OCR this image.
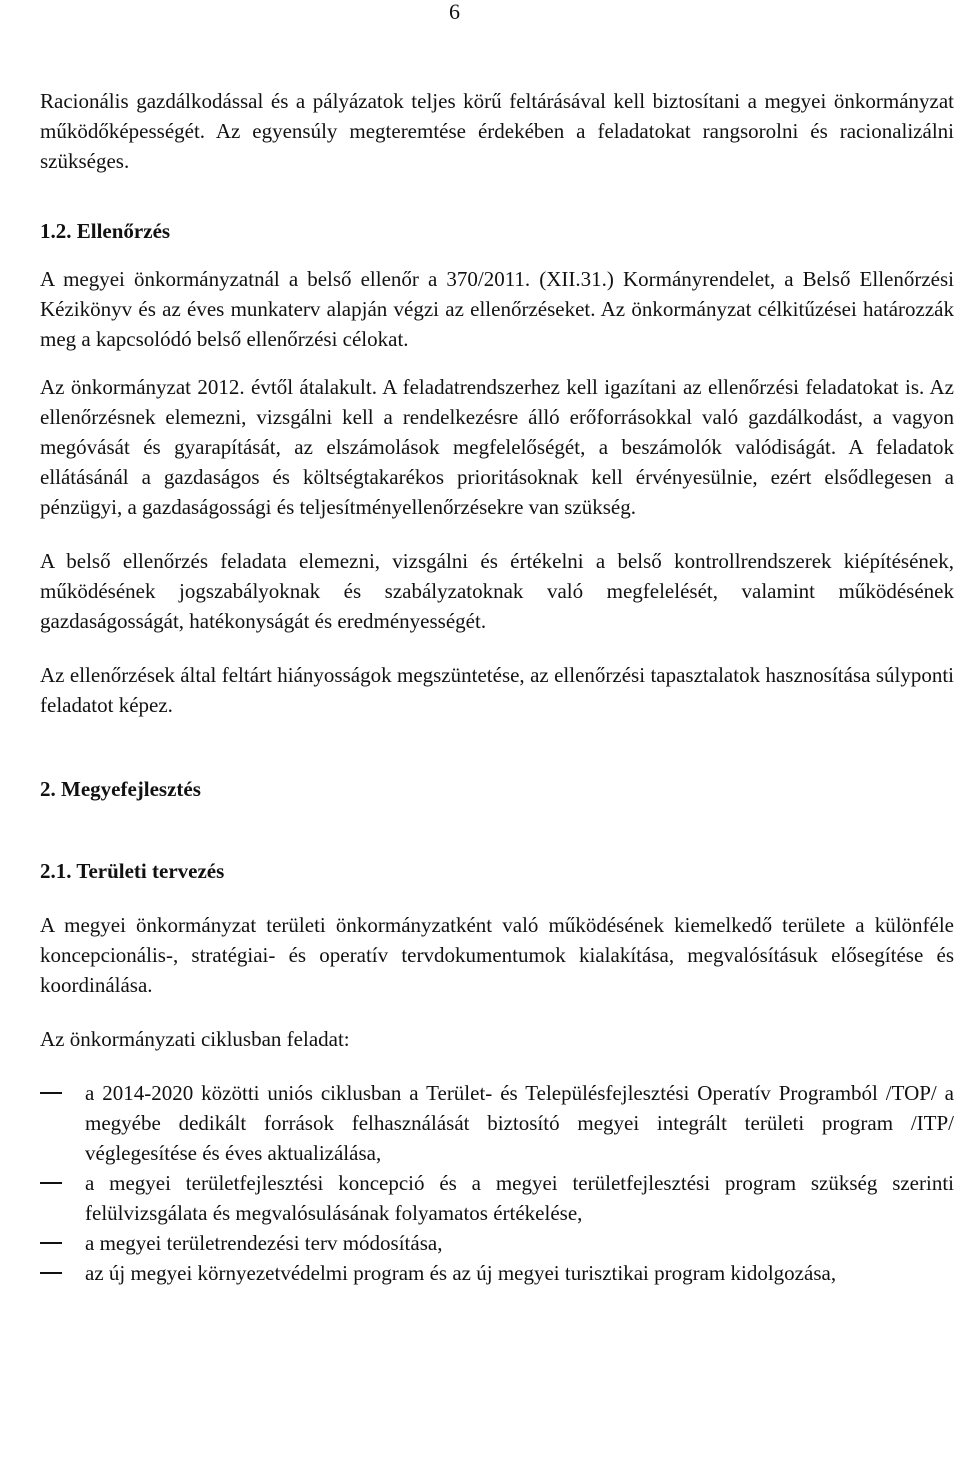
6

Racionális gazdálkodással és a pályázatok teljes körű feltárásával kell biztosítani a megyei önkormányzat működőképességét. Az egyensúly megteremtése érdekében a feladatokat rangsorolni és racionalizálni szükséges.

1.2. Ellenőrzés

A megyei önkormányzatnál a belső ellenőr a 370/2011. (XII.31.) Kormányrendelet, a Belső Ellenőrzési Kézikönyv és az éves munkaterv alapján végzi az ellenőrzéseket. Az önkormányzat célkitűzései határozzák meg a kapcsolódó belső ellenőrzési célokat.

Az önkormányzat 2012. évtől átalakult. A feladatrendszerhez kell igazítani az ellenőrzési feladatokat is. Az ellenőrzésnek elemezni, vizsgálni kell a rendelkezésre álló erőforrásokkal való gazdálkodást, a vagyon megóvását és gyarapítását, az elszámolások megfelelőségét, a beszámolók valódiságát. A feladatok ellátásánál a gazdaságos és költségtakarékos prioritásoknak kell érvényesülnie, ezért elsődlegesen a pénzügyi, a gazdaságossági és teljesítményellenőrzésekre van szükség.

A belső ellenőrzés feladata elemezni, vizsgálni és értékelni a belső kontrollrendszerek kiépítésének, működésének jogszabályoknak és szabályzatoknak való megfelelését, valamint működésének gazdaságosságát, hatékonyságát és eredményességét.

Az ellenőrzések által feltárt hiányosságok megszüntetése, az ellenőrzési tapasztalatok hasznosítása súlyponti feladatot képez.

2. Megyefejlesztés
2.1. Területi tervezés

A megyei önkormányzat területi önkormányzatként való működésének kiemelkedő területe a különféle koncepcionális-, stratégiai- és operatív tervdokumentumok kialakítása, megvalósításuk elősegítése és koordinálása.

Az önkormányzati ciklusban feladat:

a 2014-2020 közötti uniós ciklusban a Terület- és Településfejlesztési Operatív Programból /TOP/ a megyébe dedikált források felhasználását biztosító megyei integrált területi program /ITP/ véglegesítése és éves aktualizálása,
a megyei területfejlesztési koncepció és a megyei területfejlesztési program szükség szerinti felülvizsgálata és megvalósulásának folyamatos értékelése,
a megyei területrendezési terv módosítása,
az új megyei környezetvédelmi program és az új megyei turisztikai program kidolgozása,
